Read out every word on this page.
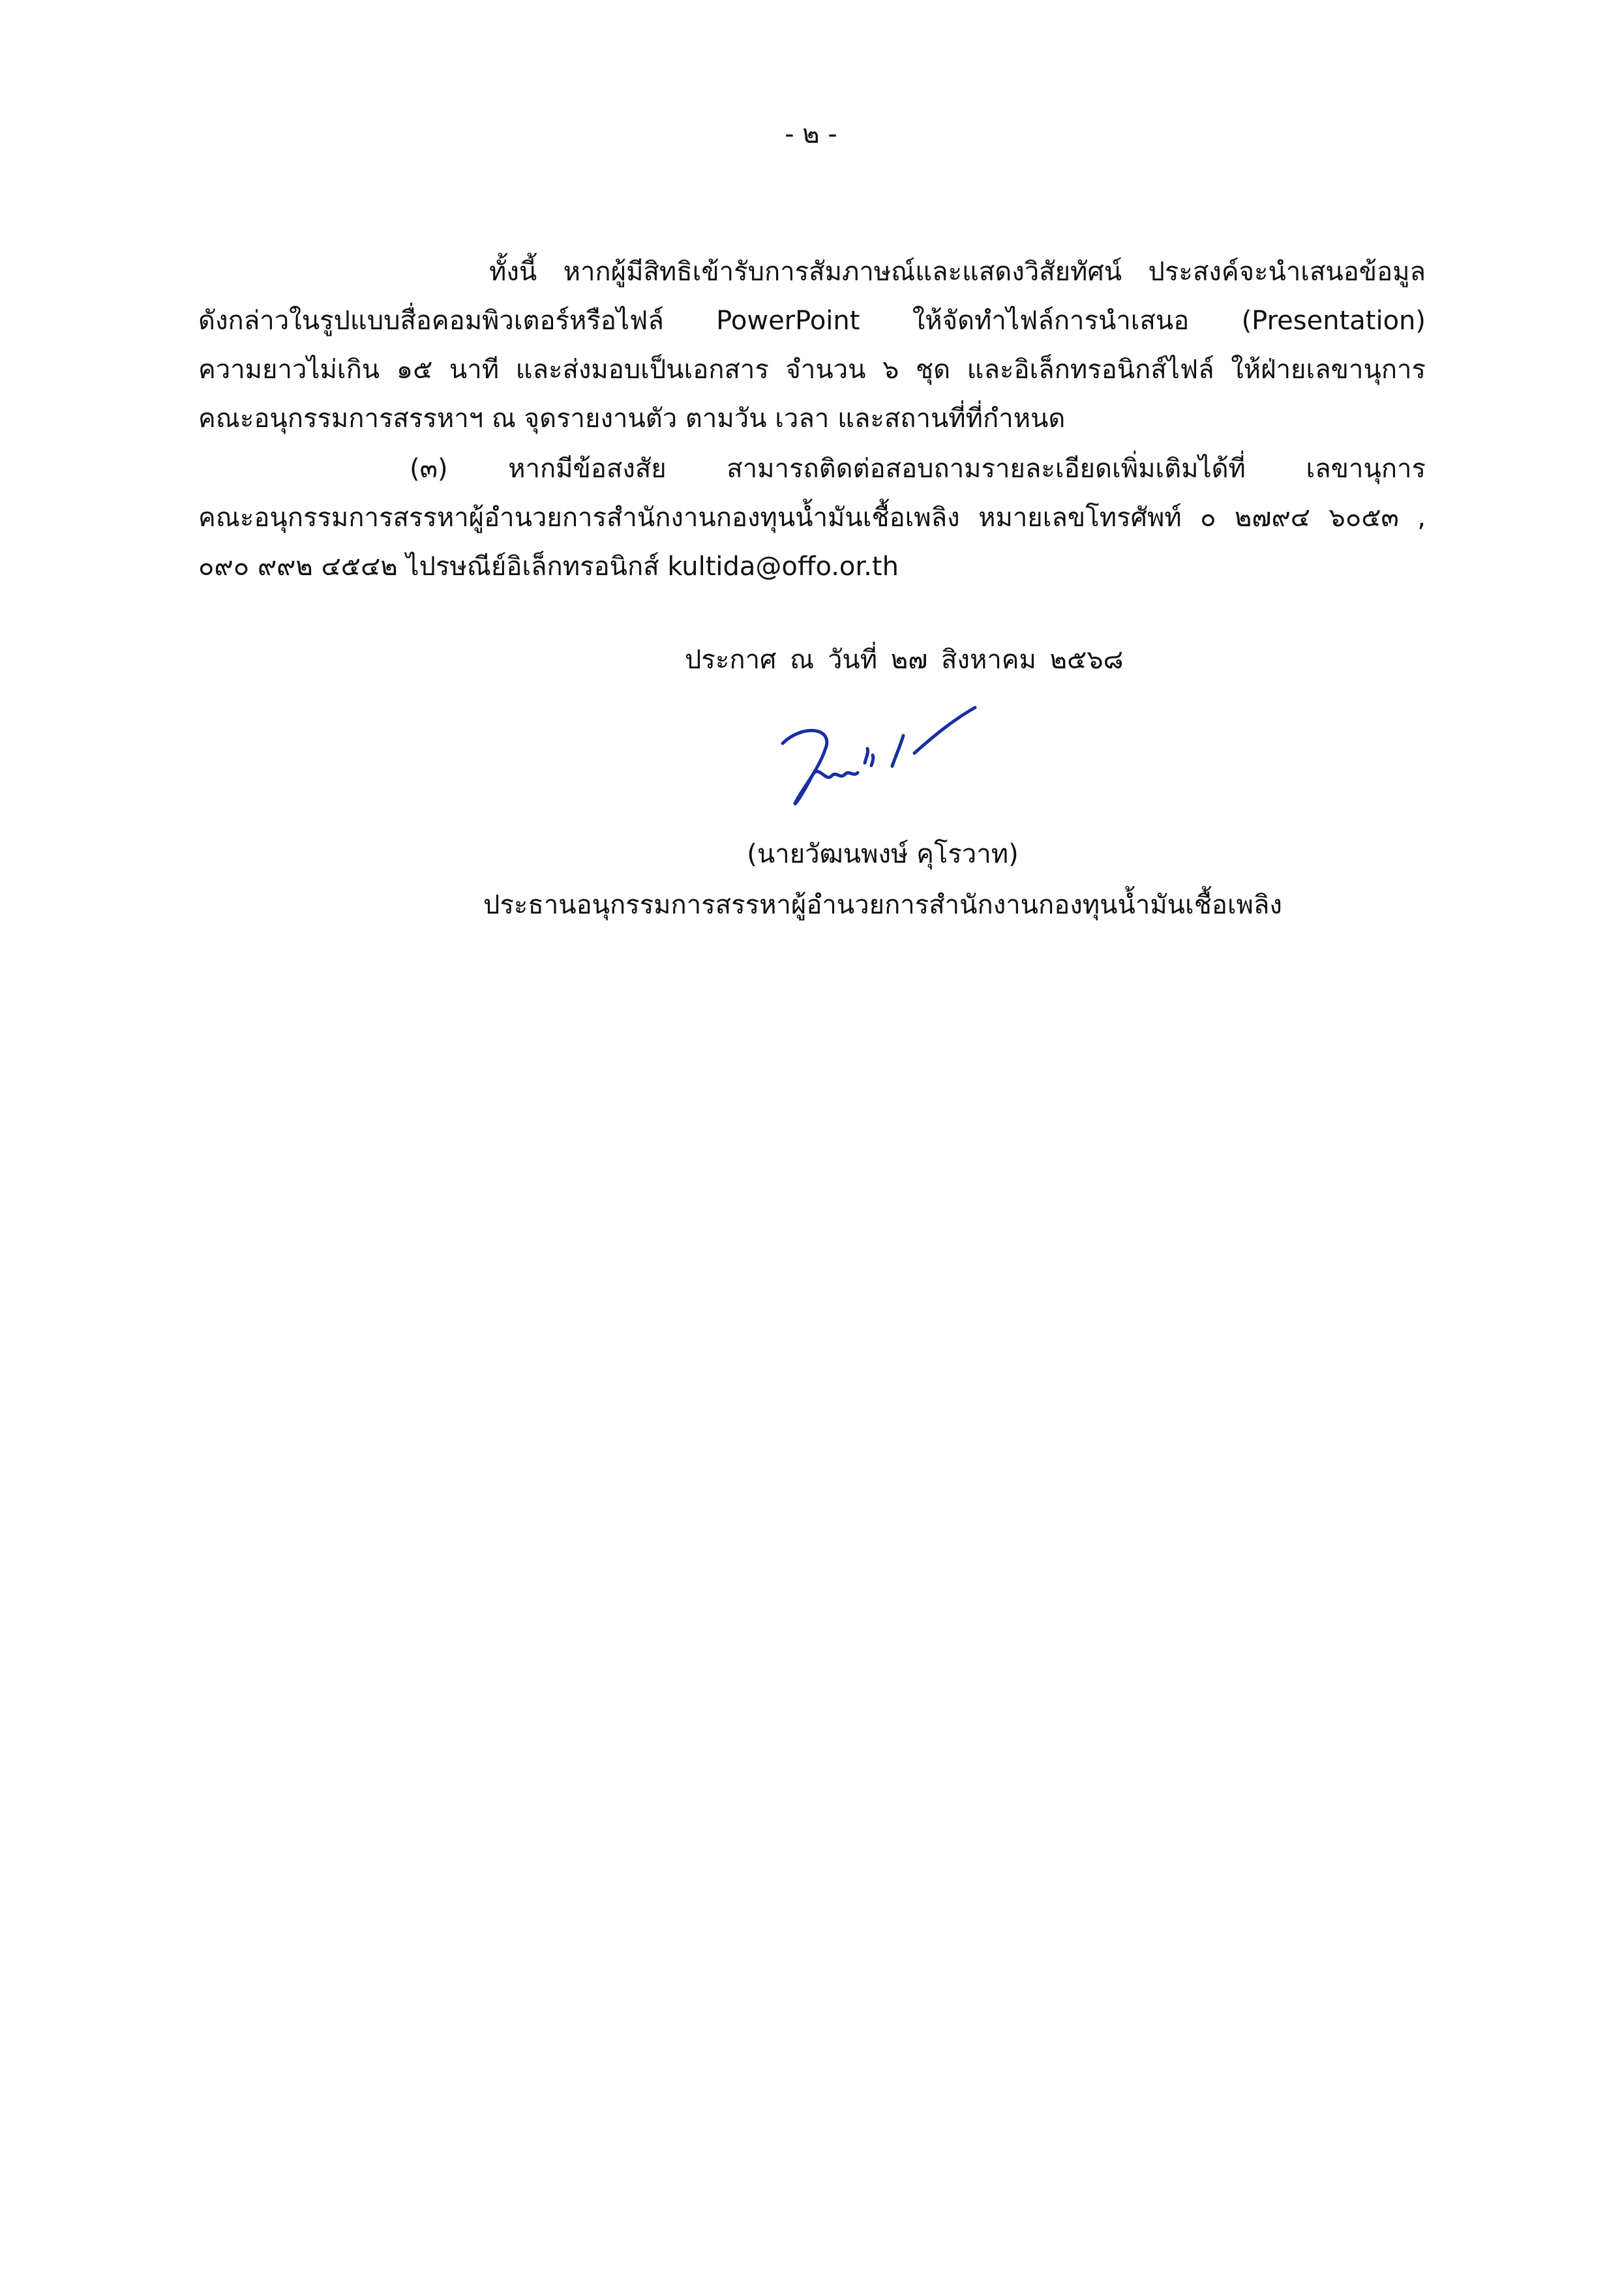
- ๒ -
ทั้งนี้ หากผู้มีสิทธิเข้ารับการสัมภาษณ์และแสดงวิสัยทัศน์ ประสงค์จะนำเสนอข้อมูล
ดังกล่าวในรูปแบบสื่อคอมพิวเตอร์หรือไฟล์ PowerPoint ให้จัดทำไฟล์การนำเสนอ (Presentation)
ความยาวไม่เกิน ๑๕ นาที และส่งมอบเป็นเอกสาร จำนวน ๖ ชุด และอิเล็กทรอนิกส์ไฟล์ ให้ฝ่ายเลขานุการ
คณะอนุกรรมการสรรหาฯ ณ จุดรายงานตัว ตามวัน เวลา และสถานที่ที่กำหนด
(๓) หากมีข้อสงสัย สามารถติดต่อสอบถามรายละเอียดเพิ่มเติมได้ที่ เลขานุการ
คณะอนุกรรมการสรรหาผู้อำนวยการสำนักงานกองทุนน้ำมันเชื้อเพลิง หมายเลขโทรศัพท์ ๐ ๒๗๙๔ ๖๐๕๓ ,
๐๙๐ ๙๙๒ ๔๕๔๒ ไปรษณีย์อิเล็กทรอนิกส์ kultida@offo.or.th
ประกาศ ณ วันที่ ๒๗ สิงหาคม ๒๕๖๘
(นายวัฒนพงษ์ คุโรวาท)
ประธานอนุกรรมการสรรหาผู้อำนวยการสำนักงานกองทุนน้ำมันเชื้อเพลิง
